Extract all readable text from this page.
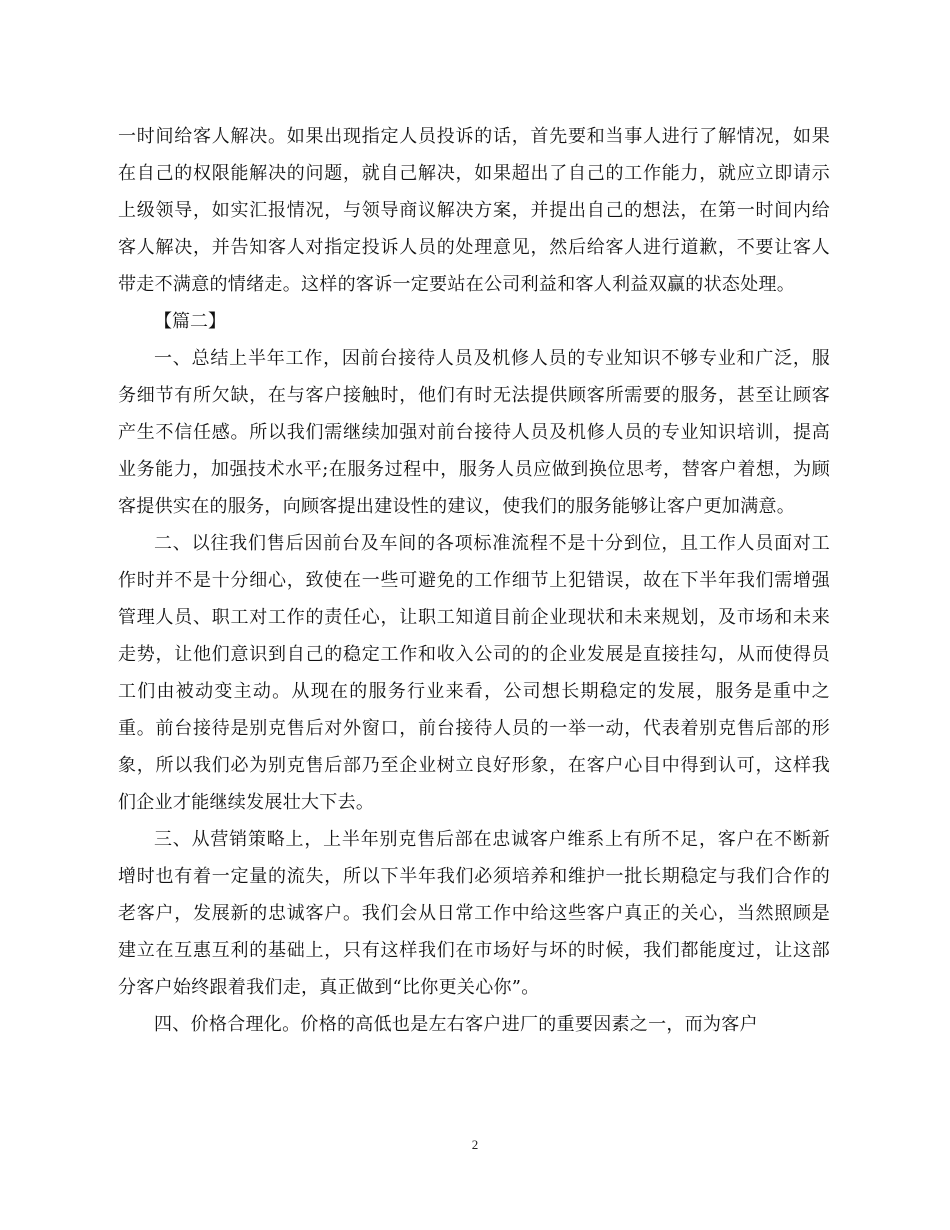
一时间给客人解决。如果出现指定人员投诉的话，首先要和当事人进行了解情况，如果在自己的权限能解决的问题，就自己解决，如果超出了自己的工作能力，就应立即请示上级领导，如实汇报情况，与领导商议解决方案，并提出自己的想法，在第一时间内给客人解决，并告知客人对指定投诉人员的处理意见，然后给客人进行道歉，不要让客人带走不满意的情绪走。这样的客诉一定要站在公司利益和客人利益双赢的状态处理。

【篇二】

一、总结上半年工作，因前台接待人员及机修人员的专业知识不够专业和广泛，服务细节有所欠缺，在与客户接触时，他们有时无法提供顾客所需要的服务，甚至让顾客产生不信任感。所以我们需继续加强对前台接待人员及机修人员的专业知识培训，提高业务能力，加强技术水平;在服务过程中，服务人员应做到换位思考，替客户着想，为顾客提供实在的服务，向顾客提出建设性的建议，使我们的服务能够让客户更加满意。

二、以往我们售后因前台及车间的各项标准流程不是十分到位，且工作人员面对工作时并不是十分细心，致使在一些可避免的工作细节上犯错误，故在下半年我们需增强管理人员、职工对工作的责任心，让职工知道目前企业现状和未来规划，及市场和未来走势，让他们意识到自己的稳定工作和收入公司的的企业发展是直接挂勾，从而使得员工们由被动变主动。从现在的服务行业来看，公司想长期稳定的发展，服务是重中之重。前台接待是别克售后对外窗口，前台接待人员的一举一动，代表着别克售后部的形象，所以我们必为别克售后部乃至企业树立良好形象，在客户心目中得到认可，这样我们企业才能继续发展壮大下去。

三、从营销策略上，上半年别克售后部在忠诚客户维系上有所不足，客户在不断新增时也有着一定量的流失，所以下半年我们必须培养和维护一批长期稳定与我们合作的老客户，发展新的忠诚客户。我们会从日常工作中给这些客户真正的关心，当然照顾是建立在互惠互利的基础上，只有这样我们在市场好与坏的时候，我们都能度过，让这部分客户始终跟着我们走，真正做到“比你更关心你”。

四、价格合理化。价格的高低也是左右客户进厂的重要因素之一，而为客户

2
